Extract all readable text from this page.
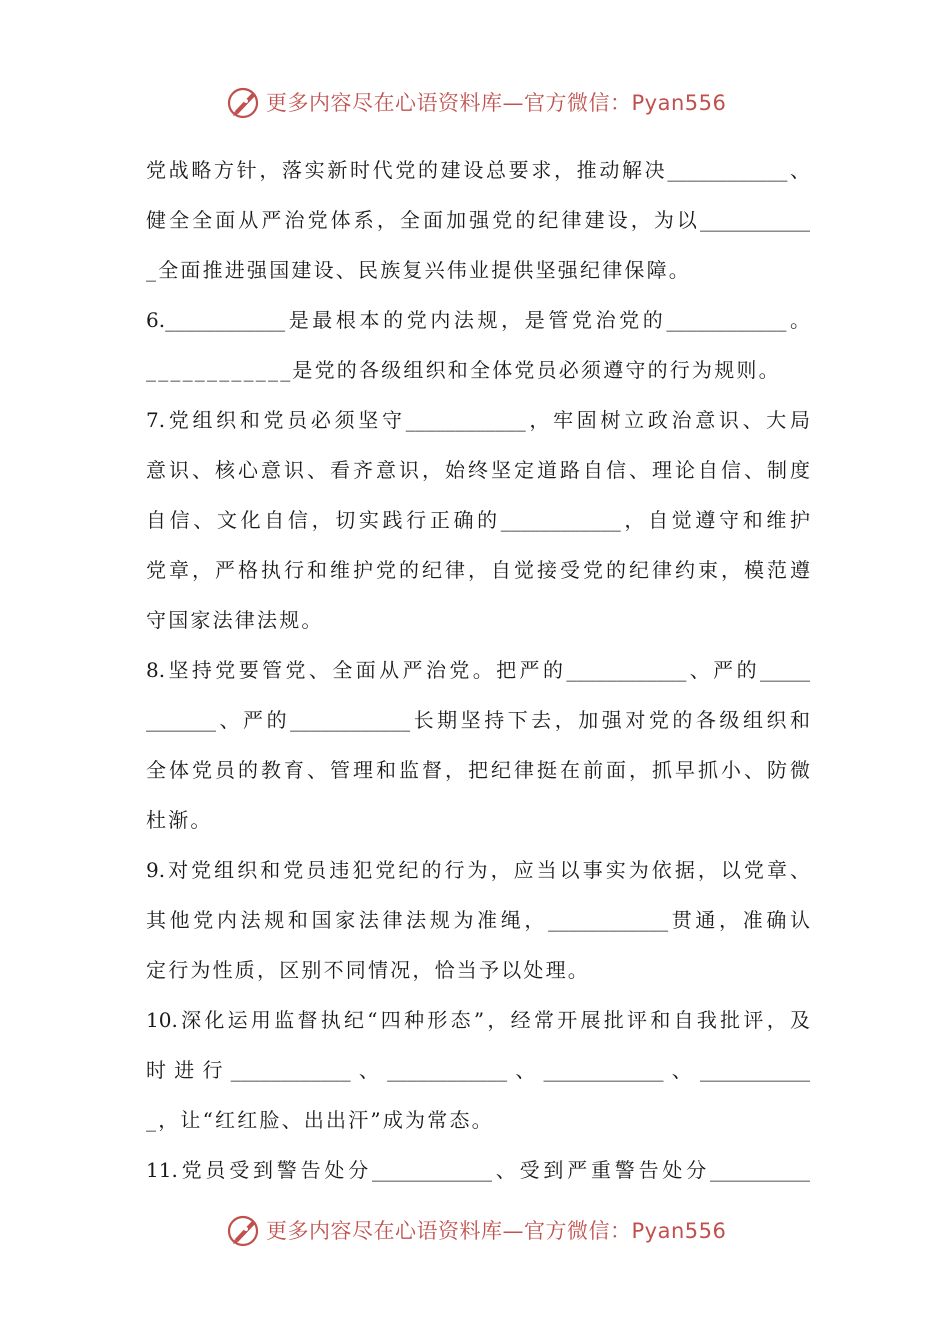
更多内容尽在心语资料库—官方微信：Pyan556
党战略方针，落实新时代党的建设总要求，推动解决____________、
健全全面从严治党体系，全面加强党的纪律建设，为以___________
_全面推进强国建设、民族复兴伟业提供坚强纪律保障。
6.____________是最根本的党内法规，是管党治党的____________。
____________是党的各级组织和全体党员必须遵守的行为规则。
7.党组织和党员必须坚守____________，牢固树立政治意识、大局
意识、核心意识、看齐意识，始终坚定道路自信、理论自信、制度
自信、文化自信，切实践行正确的____________，自觉遵守和维护
党章，严格执行和维护党的纪律，自觉接受党的纪律约束，模范遵
守国家法律法规。
8.坚持党要管党、全面从严治党。把严的____________、严的_____
_______、严的____________长期坚持下去，加强对党的各级组织和
全体党员的教育、管理和监督，把纪律挺在前面，抓早抓小、防微
杜渐。
9.对党组织和党员违犯党纪的行为，应当以事实为依据，以党章、
其他党内法规和国家法律法规为准绳，____________贯通，准确认
定行为性质，区别不同情况，恰当予以处理。
10.深化运用监督执纪“四种形态”，经常开展批评和自我批评，及
时进行____________、____________、____________、___________
_，让“红红脸、出出汗”成为常态。
11.党员受到警告处分____________、受到严重警告处分__________
更多内容尽在心语资料库—官方微信：Pyan556
